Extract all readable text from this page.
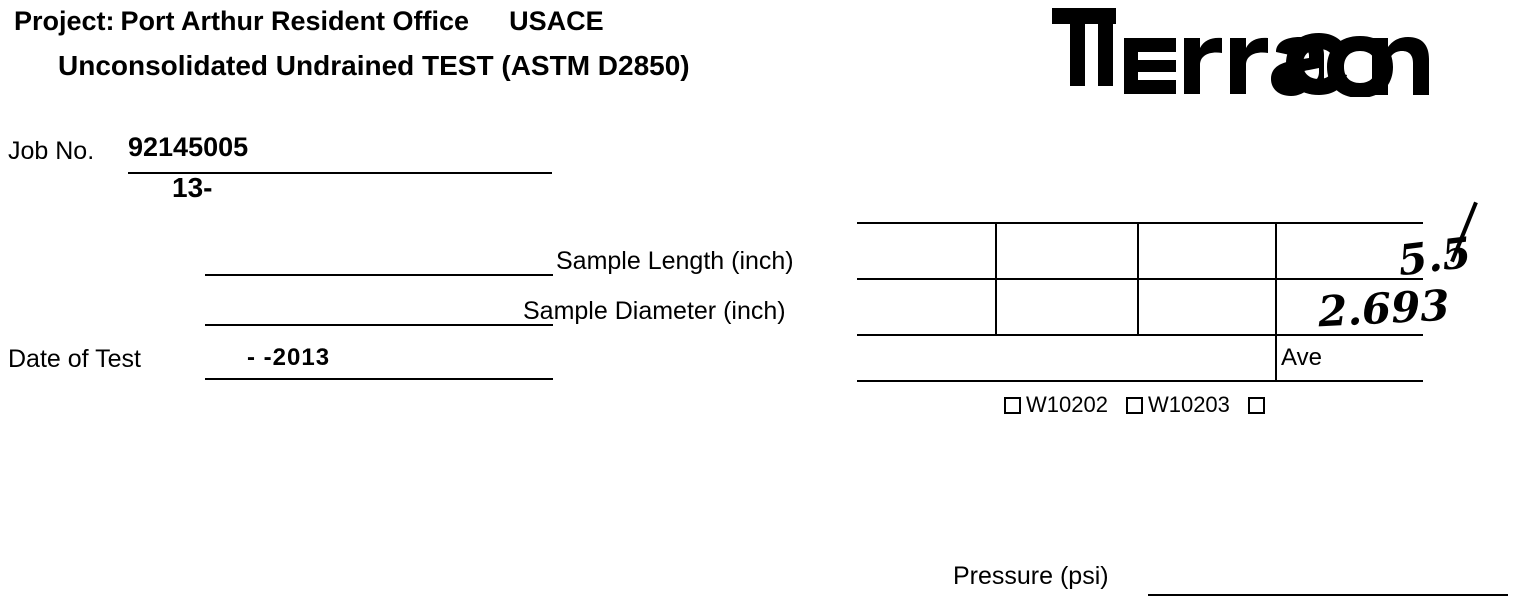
Project: Port Arthur Resident Office USACE
Unconsolidated Undrained TEST (ASTM D2850)
Job No. 92145005
13-
Date of Test	- -2013
Sample Length (inch)
Sample Diameter (inch)
Ave
5.5
2.693
W10202 W10203
Pressure (psi)
